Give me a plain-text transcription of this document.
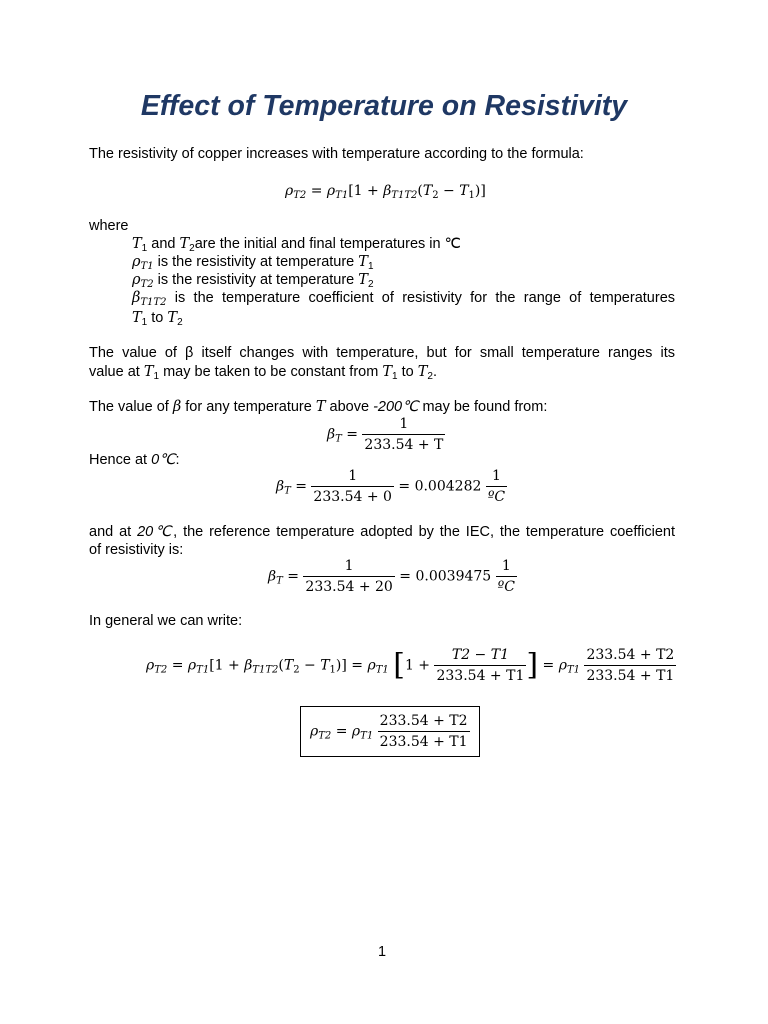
Effect of Temperature on Resistivity
The resistivity of copper increases with temperature according to the formula:
$\rho_{T2} = \rho_{T1}[1 + \beta_{T1T2}(T_2 - T_1)]$
where
$T_1$ and $T_2are$ the initial and final temperatures in ℃
$\rho_{T1}$ is the resistivity at temperature $T_1$
$\rho_{T2}$ is the resistivity at temperature $T_2$
$\beta_{T1T2}$ is the temperature coefficient of resistivity for the range of temperatures
$T_1$ to $T_2$
The value of β itself changes with temperature, but for small temperature ranges its
value at $T_1$ may be taken to be constant from $T_1$ to $T_2$.
The value of β for any temperature T above -200℃ may be found from:
$\beta_T = \frac{1}{233.54 + T}$
Hence at 0℃:
$\beta_T = \frac{1}{233.54 + 0} = 0.004282 \frac{1}{\text{ºC}}$
and at 20℃, the reference temperature adopted by the IEC, the temperature coefficient
of resistivity is:
$\beta_T = \frac{1}{233.54 + 20} = 0.0039475 \frac{1}{\text{ºC}}$
In general we can write:
$\rho_{T2} = \rho_{T1}[1 + \beta_{T1T2}(T_2 - T_1)] = \rho_{T1}$ [$1 + \frac{T2 - T1}{233.54 + T1}$ ] = $\rho_{T1} \frac{233.54 + T2}{233.54 + T1}$
$\rho_{T2} = \rho_{T1} \frac{233.54 + T2}{233.54 + T1}$
1
